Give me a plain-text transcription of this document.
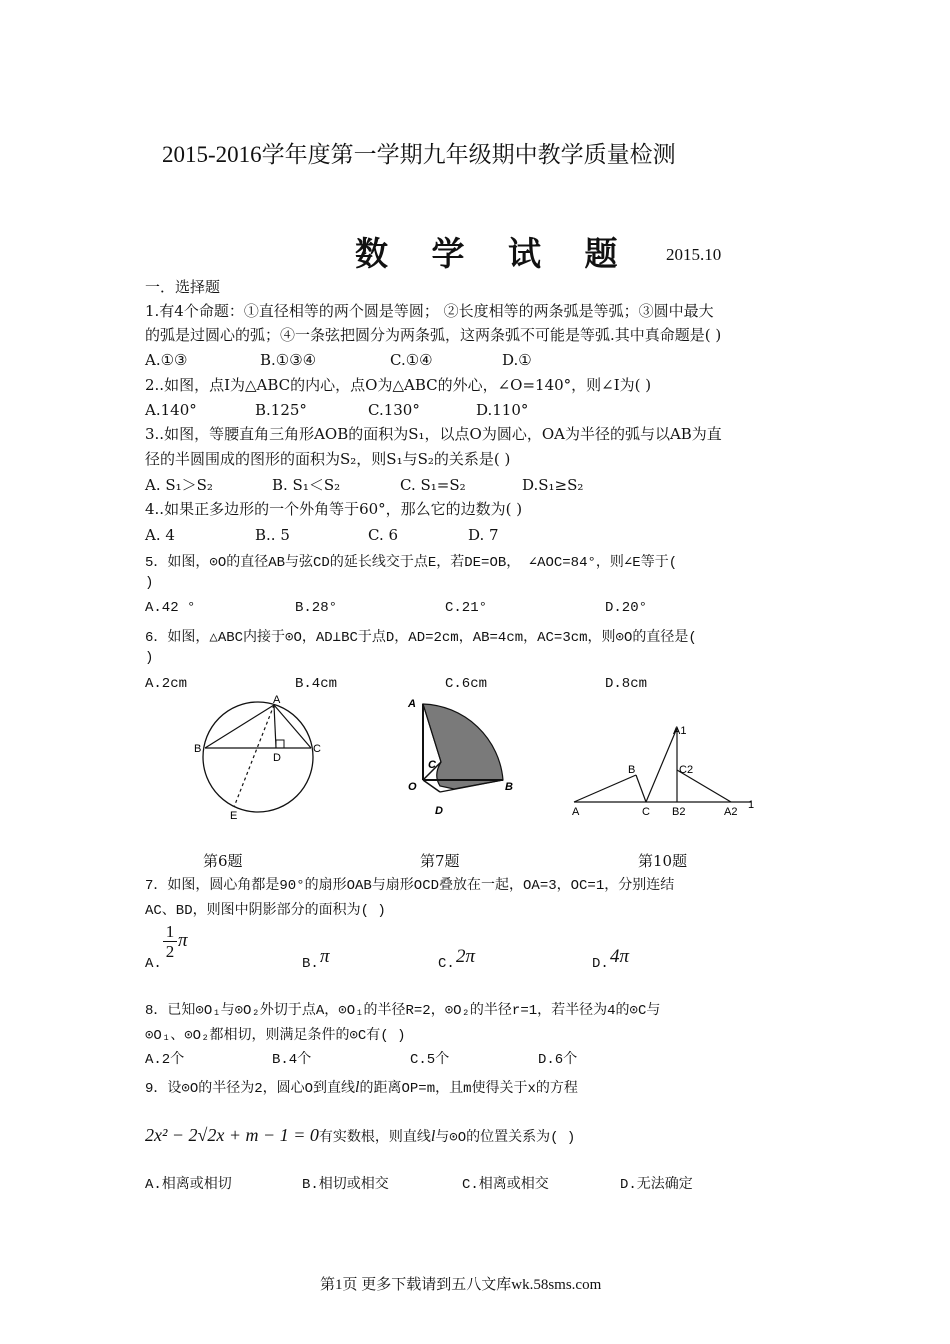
2015-2016学年度第一学期九年级期中教学质量检测
数 学 试 题 2015.10
一．选择题
1.有4个命题：①直径相等的两个圆是等圆； ②长度相等的两条弧是等弧；③圆中最大
的弧是过圆心的弧；④一条弦把圆分为两条弧，这两条弧不可能是等弧.其中真命题是( )
A.①③	B.①③④	C.①④	D.①
2..如图，点I为△ABC的内心，点O为△ABC的外心，∠O=140°，则∠I为( )
A.140°	B.125°	C.130°	D.110°
3..如图，等腰直角三角形AOB的面积为S₁，以点O为圆心，OA为半径的弧与以AB为直
径的半圆围成的图形的面积为S₂，则S₁与S₂的关系是( )
A. S₁＞S₂	B. S₁＜S₂	C. S₁=S₂	D.S₁≥S₂
4..如果正多边形的一个外角等于60°，那么它的边数为( )
A. 4	B.. 5	C. 6	D. 7
5．如图，⊙O的直径AB与弦CD的延长线交于点E，若DE=OB， ∠AOC=84°，则∠E等于(
)
A.42 °	B.28°	C.21°	D.20°
6．如图，△ABC内接于⊙O，AD⊥BC于点D，AD=2cm，AB=4cm，AC=3cm，则⊙O的直径是(
)
A.2cm	B.4cm	C.6cm	D.8cm
A
B	C
D
E
A
C
O	B
D	A
B
C B2	A2
A1
C2
1
第6题	第7题	第10题
7．如图，圆心角都是90°的扇形OAB与扇形OCD叠放在一起，OA=3，OC=1，分别连结
AC、BD，则图中阴影部分的面积为( )
A.
1
2
π
B. π	C. 2π	D. 4π
8．已知⊙O₁与⊙O₂外切于点A，⊙O₁的半径R=2，⊙O₂的半径r=1，若半径为4的⊙C与
⊙O₁、⊙O₂都相切，则满足条件的⊙C有( )
A.2个	B.4个	C.5个	D.6个
9．设⊙O的半径为2，圆心O到直线l的距离OP=m，且m使得关于x的方程
2x² − 2√2x + m − 1 = 0有实数根，则直线l与⊙O的位置关系为( )
A.相离或相切	B.相切或相交	C.相离或相交	D.无法确定
第1页 更多下载请到五八文库wk.58sms.com
